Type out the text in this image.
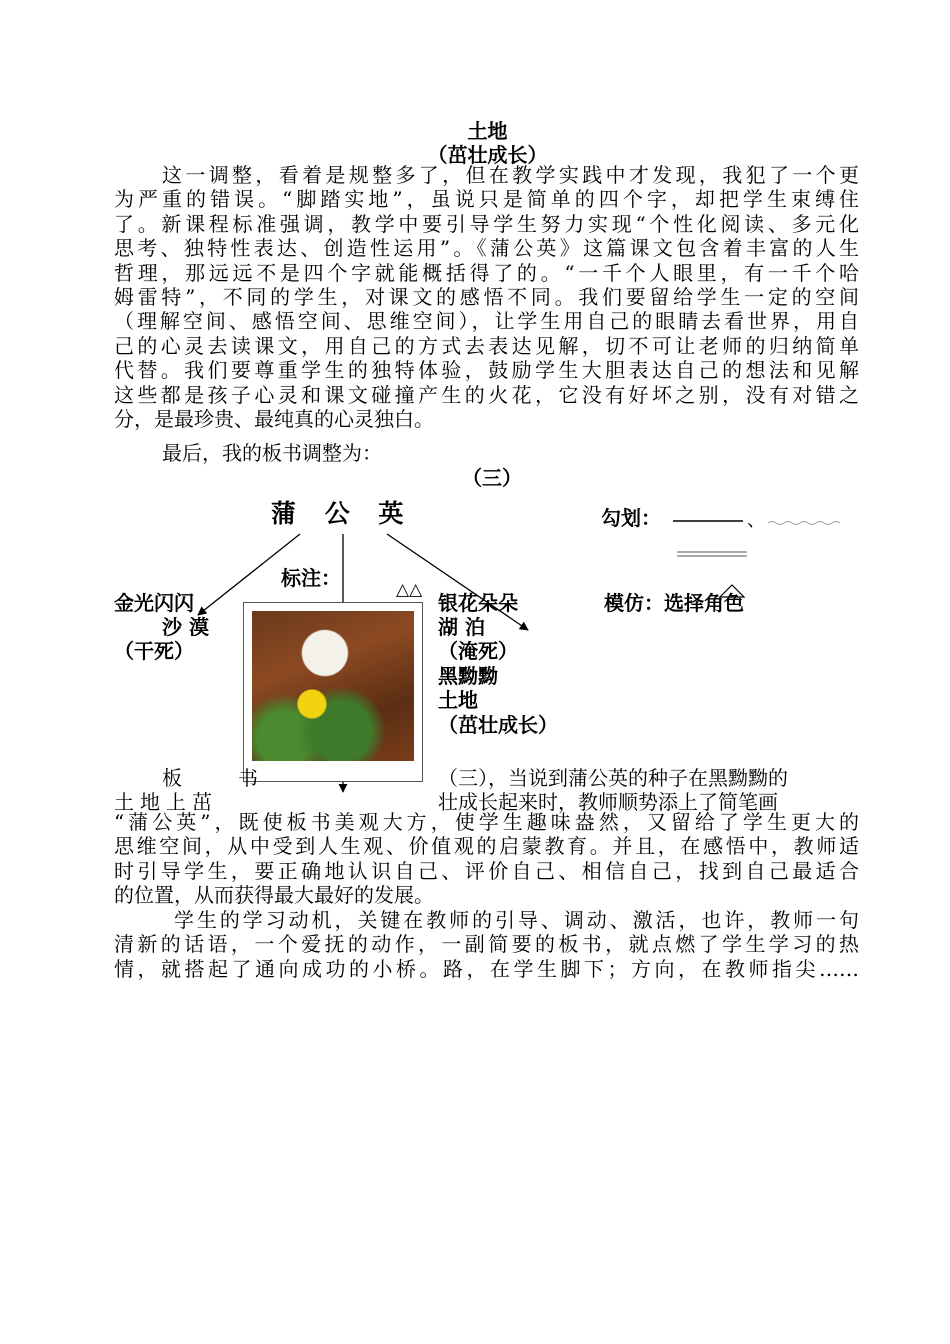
土地
（茁壮成长）
这一调整，看着是规整多了，但在教学实践中才发现，我犯了一个更
为严重的错误。“脚踏实地”，虽说只是简单的四个字，却把学生束缚住
了。新课程标准强调，教学中要引导学生努力实现“个性化阅读、多元化
思考、独特性表达、创造性运用”。《蒲公英》这篇课文包含着丰富的人生
哲理，那远远不是四个字就能概括得了的。“一千个人眼里，有一千个哈
姆雷特”，不同的学生，对课文的感悟不同。我们要留给学生一定的空间
（理解空间、感悟空间、思维空间），让学生用自己的眼睛去看世界，用自
己的心灵去读课文，用自己的方式去表达见解，切不可让老师的归纳简单
代替。我们要尊重学生的独特体验，鼓励学生大胆表达自己的想法和见解
这些都是孩子心灵和课文碰撞产生的火花，它没有好坏之别，没有对错之
分，是最珍贵、最纯真的心灵独白。
最后，我的板书调整为：
（三）
蒲 公 英	勾划：	、
标注：	△△
金光闪闪
沙 漠
（干死）
银花朵朵
湖 泊
（淹死）
黑黝黝
土地
（茁壮成长）
模仿：选择角色
板　书
土地上茁
（三），当说到蒲公英的种子在黑黝黝的
壮成长起来时，教师顺势添上了简笔画
“蒲公英”，既使板书美观大方，使学生趣味盎然，又留给了学生更大的
思维空间，从中受到人生观、价值观的启蒙教育。并且，在感悟中，教师适
时引导学生，要正确地认识自己、评价自己、相信自己，找到自己最适合
的位置，从而获得最大最好的发展。
学生的学习动机，关键在教师的引导、调动、激活，也许，教师一句
清新的话语，一个爱抚的动作，一副简要的板书，就点燃了学生学习的热
情，就搭起了通向成功的小桥。路，在学生脚下；方向，在教师指尖……
